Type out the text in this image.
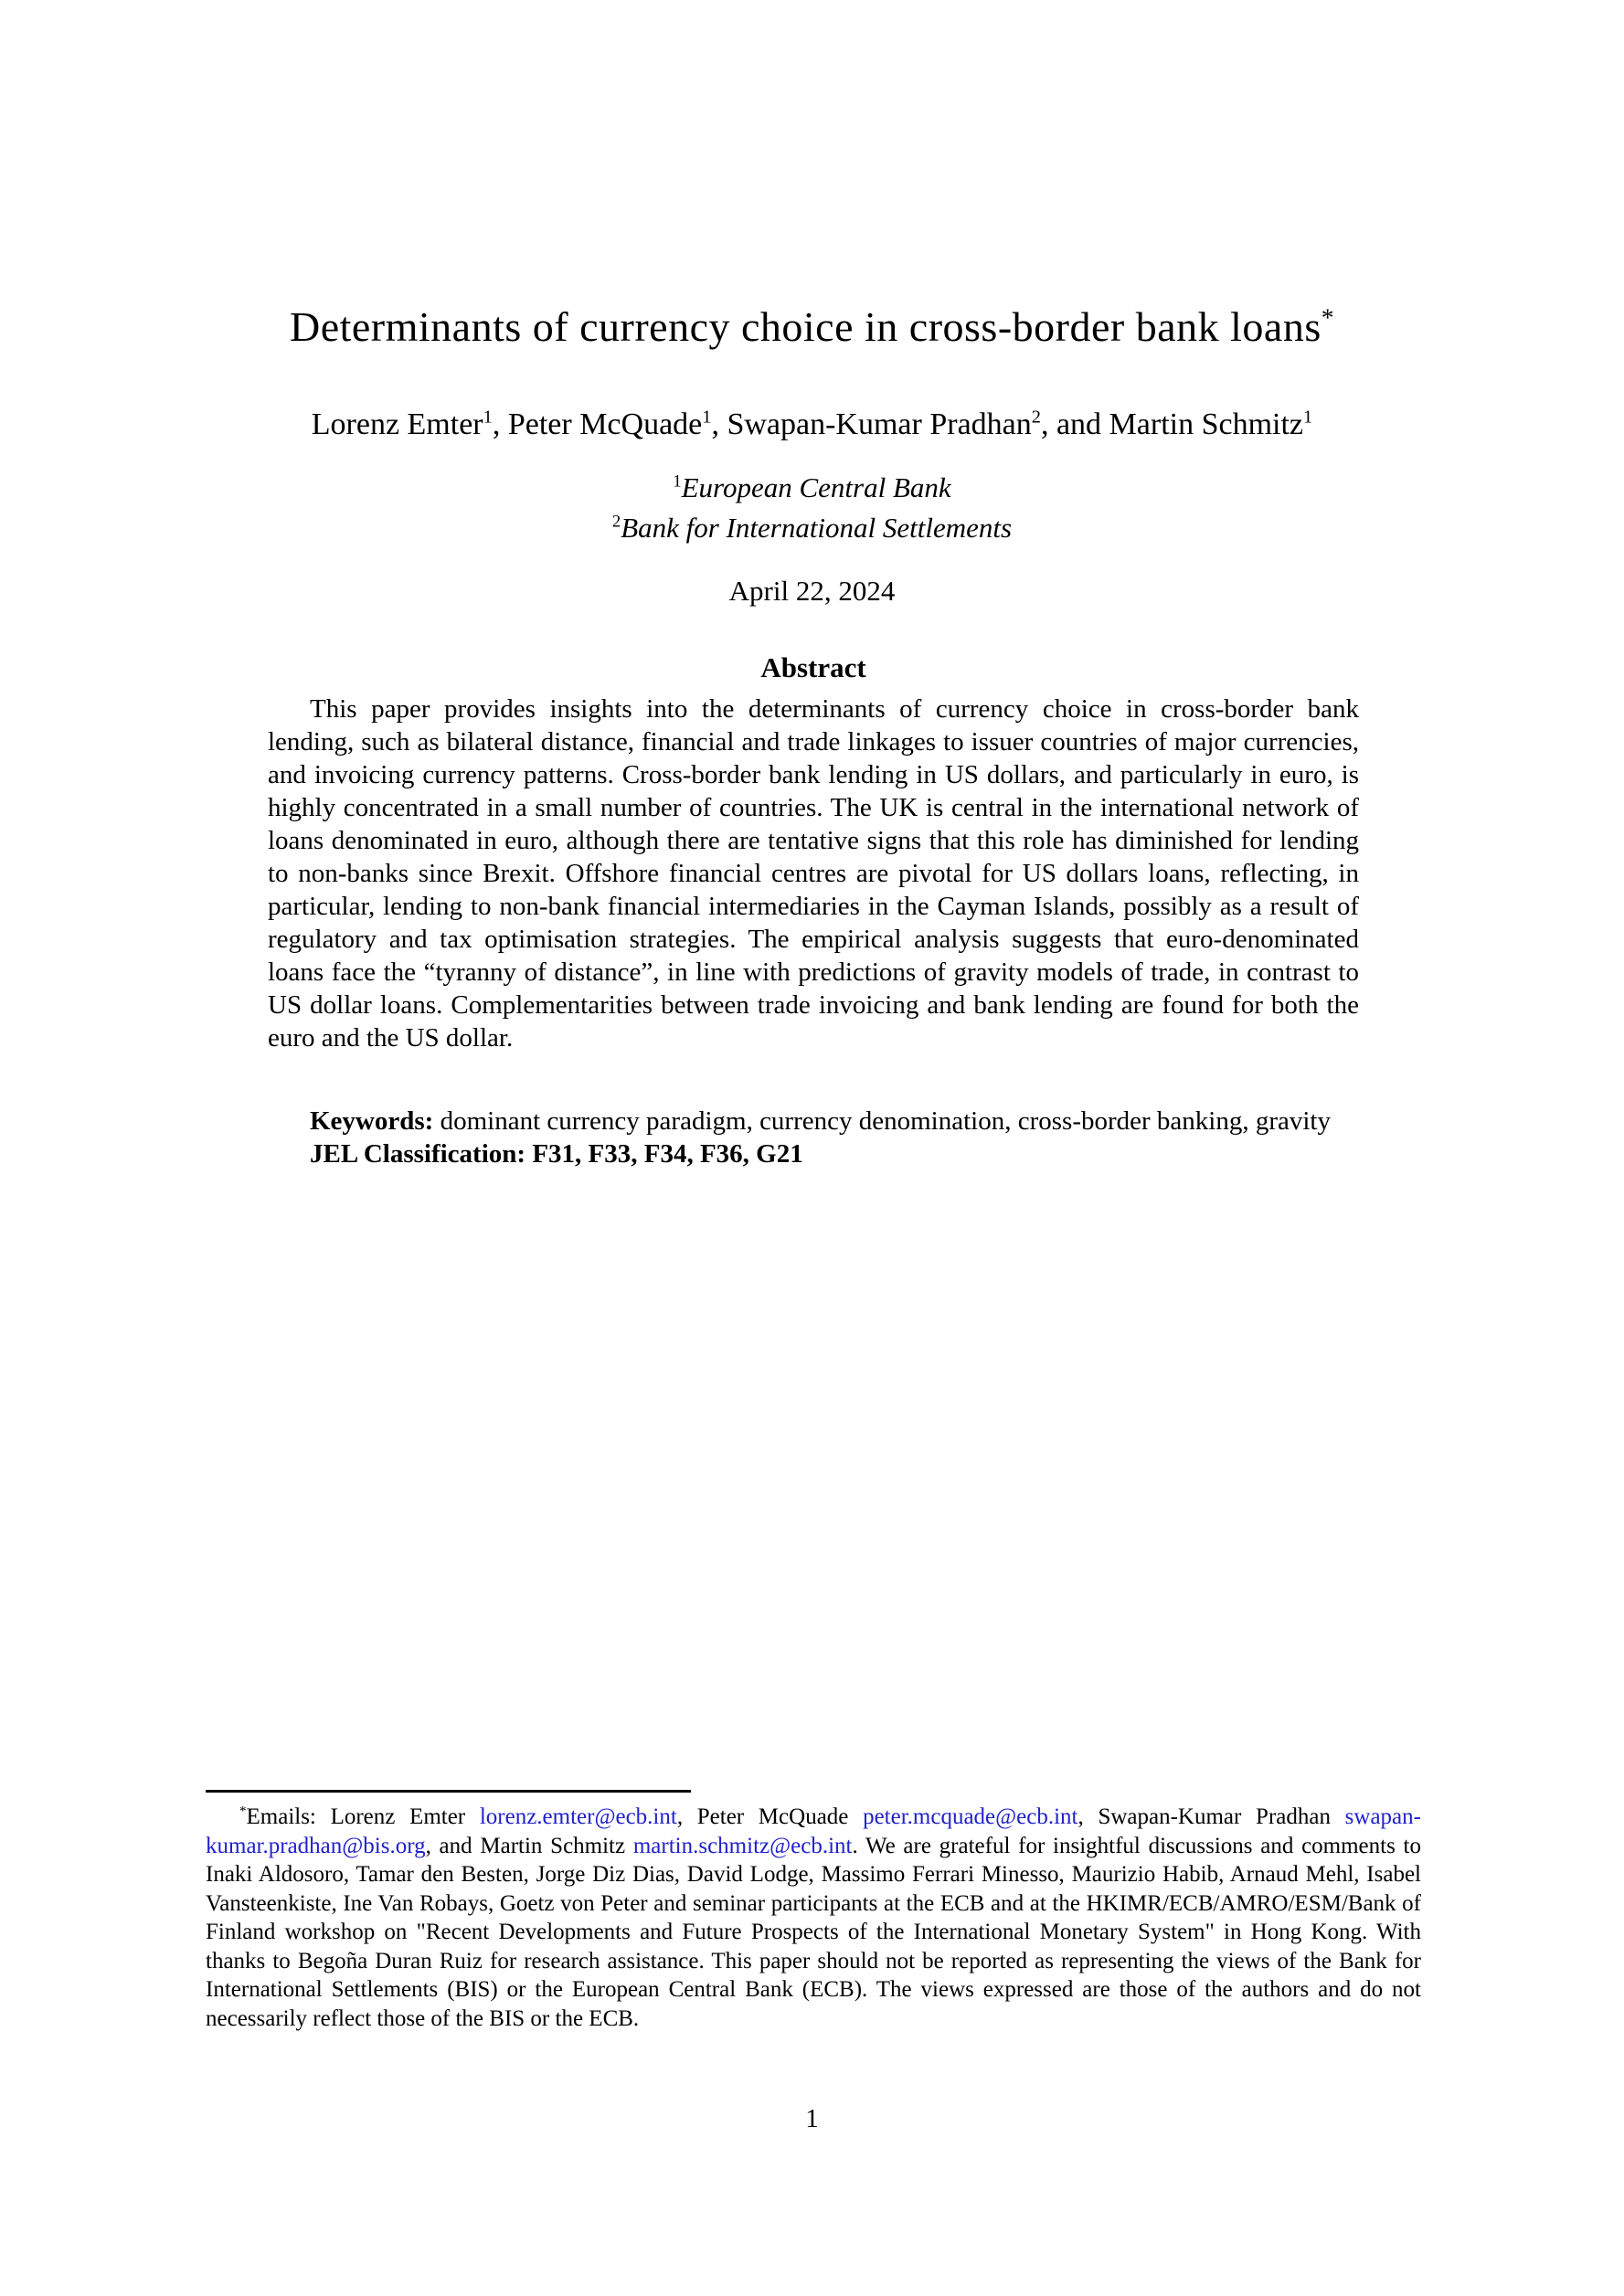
Determinants of currency choice in cross-border bank loans*
Lorenz Emter$^1$, Peter McQuade$^1$, Swapan-Kumar Pradhan$^2$, and Martin Schmitz$^1$
$^1$European Central Bank
$^2$Bank for International Settlements
April 22, 2024
Abstract

This paper provides insights into the determinants of currency choice in cross-border bank lending, such as bilateral distance, financial and trade linkages to issuer countries of major currencies, and invoicing currency patterns. Cross-border bank lending in US dollars, and particularly in euro, is highly concentrated in a small number of countries. The UK is central in the international network of loans denominated in euro, although there are tentative signs that this role has diminished for lending to non-banks since Brexit. Offshore financial centres are pivotal for US dollars loans, reflecting, in particular, lending to non-bank financial intermediaries in the Cayman Islands, possibly as a result of regulatory and tax optimisation strategies. The empirical analysis suggests that euro-denominated loans face the “tyranny of distance”, in line with predictions of gravity models of trade, in contrast to US dollar loans. Complementarities between trade invoicing and bank lending are found for both the euro and the US dollar.

Keywords: dominant currency paradigm, currency denomination, cross-border banking, gravity

JEL Classification: F31, F33, F34, F36, G21

*Emails: Lorenz Emter lorenz.emter@ecb.int, Peter McQuade peter.mcquade@ecb.int, Swapan-Kumar Pradhan swapan-kumar.pradhan@bis.org, and Martin Schmitz martin.schmitz@ecb.int. We are grateful for insightful discussions and comments to Inaki Aldosoro, Tamar den Besten, Jorge Diz Dias, David Lodge, Massimo Ferrari Minesso, Maurizio Habib, Arnaud Mehl, Isabel Vansteenkiste, Ine Van Robays, Goetz von Peter and seminar participants at the ECB and at the HKIMR/ECB/AMRO/ESM/Bank of Finland workshop on "Recent Developments and Future Prospects of the International Monetary System" in Hong Kong. With thanks to Begoña Duran Ruiz for research assistance. This paper should not be reported as representing the views of the Bank for International Settlements (BIS) or the European Central Bank (ECB). The views expressed are those of the authors and do not necessarily reflect those of the BIS or the ECB.

1
